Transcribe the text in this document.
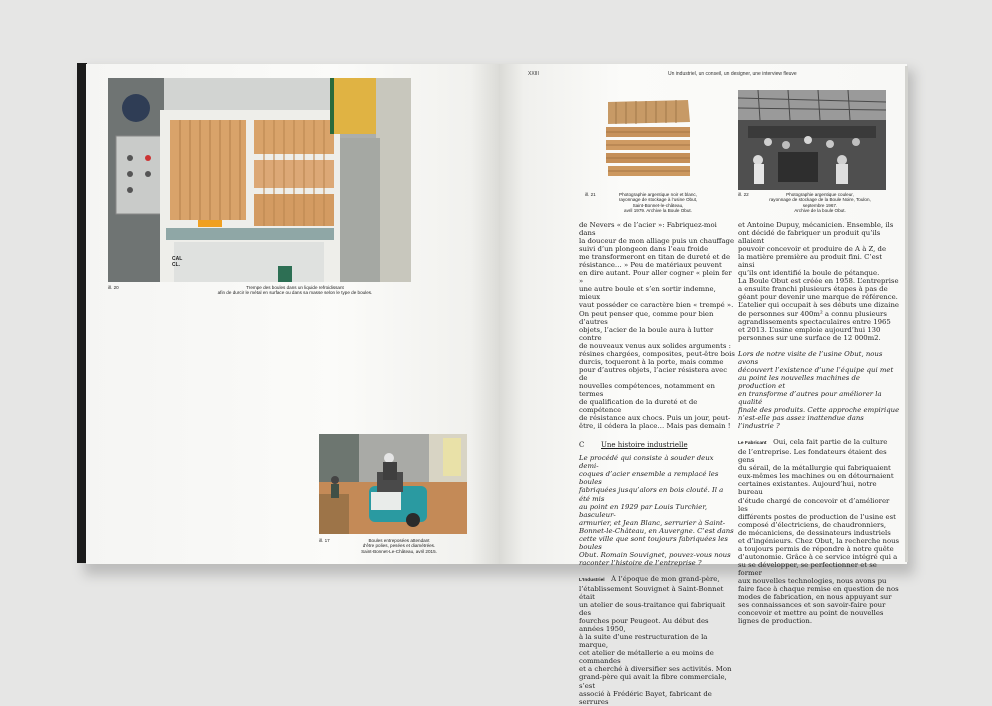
CAL
CL.
ill. 20	Trempe des boules dans un liquide refroidissant
afin de durcir le métal en surface ou dans sa masse selon le type de boules.
ill. 17	Boules entreposées attendant
d’être polies, pesées et diamétrées.
Saint-Bonnet-Le-Château, avril 2015.
XXIII	Un industriel, un conseil, un designer, une interview fleuve
ill. 21	Photographie argentique noir et blanc,
rayonnage de stockage à l’usine Obut,
Saint-Bonnet-le-château,
avril 1979. Archive la Boule Obut.
ill. 22	Photographie argentique couleur,
rayonnage de stockage de la Boule Noire, Toulon,
septembre 1967.
Archive de la boule Obut.

de Nevers « de l’acier »: Fabriquez-moi dans
la douceur de mon alliage puis un chauffage
suivi d’un plongeon dans l’eau froide
me transformeront en titan de dureté et de
résistance… » Peu de matériaux peuvent
en dire autant. Pour aller cogner « plein fer »
une autre boule et s’en sortir indemne, mieux
vaut posséder ce caractère bien « trempé ».
On peut penser que, comme pour bien d’autres
objets, l’acier de la boule aura à lutter contre
de nouveaux venus aux solides arguments :
résines chargées, composites, peut-être bois
durcis, toqueront à la porte, mais comme
pour d’autres objets, l’acier résistera avec de
nouvelles compétences, notamment en termes
de qualification de la dureté et de compétence
de résistance aux chocs. Puis un jour, peut-
être, il cédera la place… Mais pas demain !

C Une histoire industrielle

Le procédé qui consiste à souder deux demi-
coques d’acier ensemble a remplacé les boules
fabriquées jusqu’alors en bois clouté. Il a été mis
au point en 1929 par Louis Turchier, basculeur-
armurier, et Jean Blanc, serrurier à Saint-
Bonnet-le-Château, en Auvergne. C’est dans
cette ville que sont toujours fabriquées les boules
Obut. Romain Souvignet, pouvez-vous nous
raconter l’histoire de l’entreprise ?

L’Industriel À l’époque de mon grand-père,
l’établissement Souvignet à Saint-Bonnet était
un atelier de sous-traitance qui fabriquait des
fourches pour Peugeot. Au début des années 1950,
à la suite d’une restructuration de la marque,
cet atelier de métallerie a eu moins de commandes
et a cherché à diversifier ses activités. Mon
grand-père qui avait la fibre commerciale, s’est
associé à Frédéric Bayet, fabricant de serrures

et Antoine Dupuy, mécanicien. Ensemble, ils
ont décidé de fabriquer un produit qu’ils allaient
pouvoir concevoir et produire de A à Z, de
la matière première au produit fini. C’est ainsi
qu’ils ont identifié la boule de pétanque.
La Boule Obut est créée en 1958. L’entreprise
a ensuite franchi plusieurs étapes à pas de
géant pour devenir une marque de référence.
L’atelier qui occupait à ses débuts une dizaine
de personnes sur 400m² a connu plusieurs
agrandissements spectaculaires entre 1965
et 2013. L’usine emploie aujourd’hui 130
personnes sur une surface de 12 000m2.

Lors de notre visite de l’usine Obut, nous avons
découvert l’existence d’une l’équipe qui met
au point les nouvelles machines de production et
en transforme d’autres pour améliorer la qualité
finale des produits. Cette approche empirique
n’est-elle pas assez inattendue dans l’industrie ?

Le Fabricant Oui, cela fait partie de la culture
de l’entreprise. Les fondateurs étaient des gens
du sérail, de la métallurgie qui fabriquaient
eux-mêmes les machines ou en détournaient
certaines existantes. Aujourd’hui, notre bureau
d’étude chargé de concevoir et d’améliorer les
différents postes de production de l’usine est
composé d’électriciens, de chaudronniers,
de mécaniciens, de dessinateurs industriels
et d’ingénieurs. Chez Obut, la recherche nous
a toujours permis de répondre à notre quête
d’autonomie. Grâce à ce service intégré qui a
su se développer, se perfectionner et se former
aux nouvelles technologies, nous avons pu
faire face à chaque remise en question de nos
modes de fabrication, en nous appuyant sur
ses connaissances et son savoir-faire pour
concevoir et mettre au point de nouvelles
lignes de production.
